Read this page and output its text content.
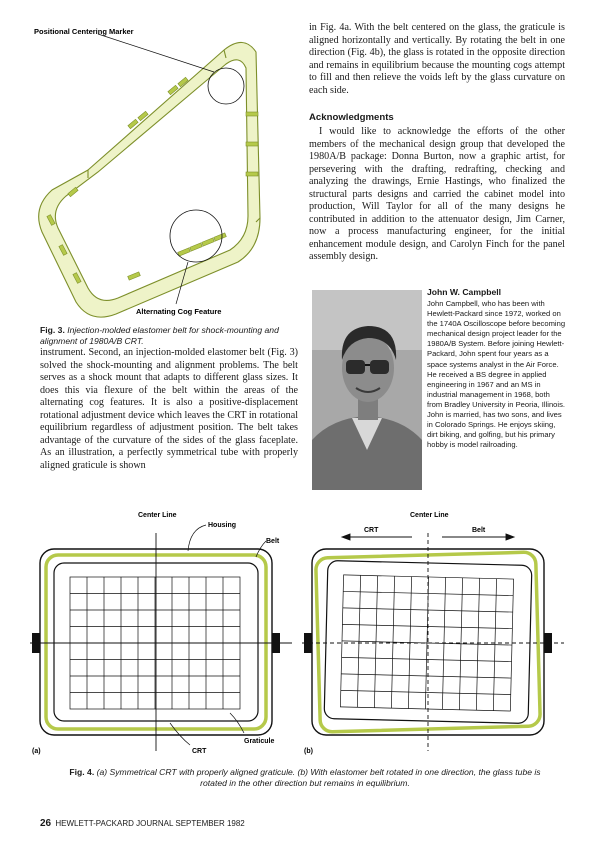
Positional Centering Marker
Alternating Cog Feature
Fig. 3. Injection-molded elastomer belt for shock-mounting and alignment of 1980A/B CRT.

instrument. Second, an injection-molded elastomer belt (Fig. 3) solved the shock-mounting and alignment problems. The belt serves as a shock mount that adapts to different glass sizes. It does this via flexure of the belt within the areas of the alternating cog features. It is also a positive-displacement rotational adjustment device which leaves the CRT in rotational equilibrium regardless of adjustment position. The belt takes advantage of the curvature of the sides of the glass faceplate. As an illustration, a perfectly symmetrical tube with properly aligned graticule is shown

in Fig. 4a. With the belt centered on the glass, the graticule is aligned horizontally and vertically. By rotating the belt in one direction (Fig. 4b), the glass is rotated in the opposite direction and remains in equilibrium because the mounting cogs attempt to fill and then relieve the voids left by the glass curvature on each side.

Acknowledgments

I would like to acknowledge the efforts of the other members of the mechanical design group that developed the 1980A/B package: Donna Burton, now a graphic artist, for persevering with the drafting, redrafting, checking and analyzing the drawings, Ernie Hastings, who finalized the structural parts designs and carried the cabinet model into production, Will Taylor for all of the many designs he contributed in addition to the attenuator design, Jim Carner, now a process manufacturing engineer, for the initial enhancement module design, and Carolyn Finch for the panel assembly design.

John W. Campbell

John Campbell, who has been with Hewlett-Packard since 1972, worked on the 1740A Oscilloscope before becoming mechanical design project leader for the 1980A/B System. Before joining Hewlett-Packard, John spent four years as a space systems analyst in the Air Force. He received a BS degree in applied engineering in 1967 and an MS in industrial management in 1968, both from Bradley University in Peoria, Illinois. John is married, has two sons, and lives in Colorado Springs. He enjoys skiing, dirt biking, and golfing, but his primary hobby is model railroading.

Center Line
Housing
Belt
Graticule
CRT
(a)
Center Line
CRT	Belt
(b)
Fig. 4. (a) Symmetrical CRT with properly aligned graticule. (b) With elastomer belt rotated in one direction, the glass tube is rotated in the other direction but remains in equilibrium.
26 HEWLETT-PACKARD JOURNAL SEPTEMBER 1982
